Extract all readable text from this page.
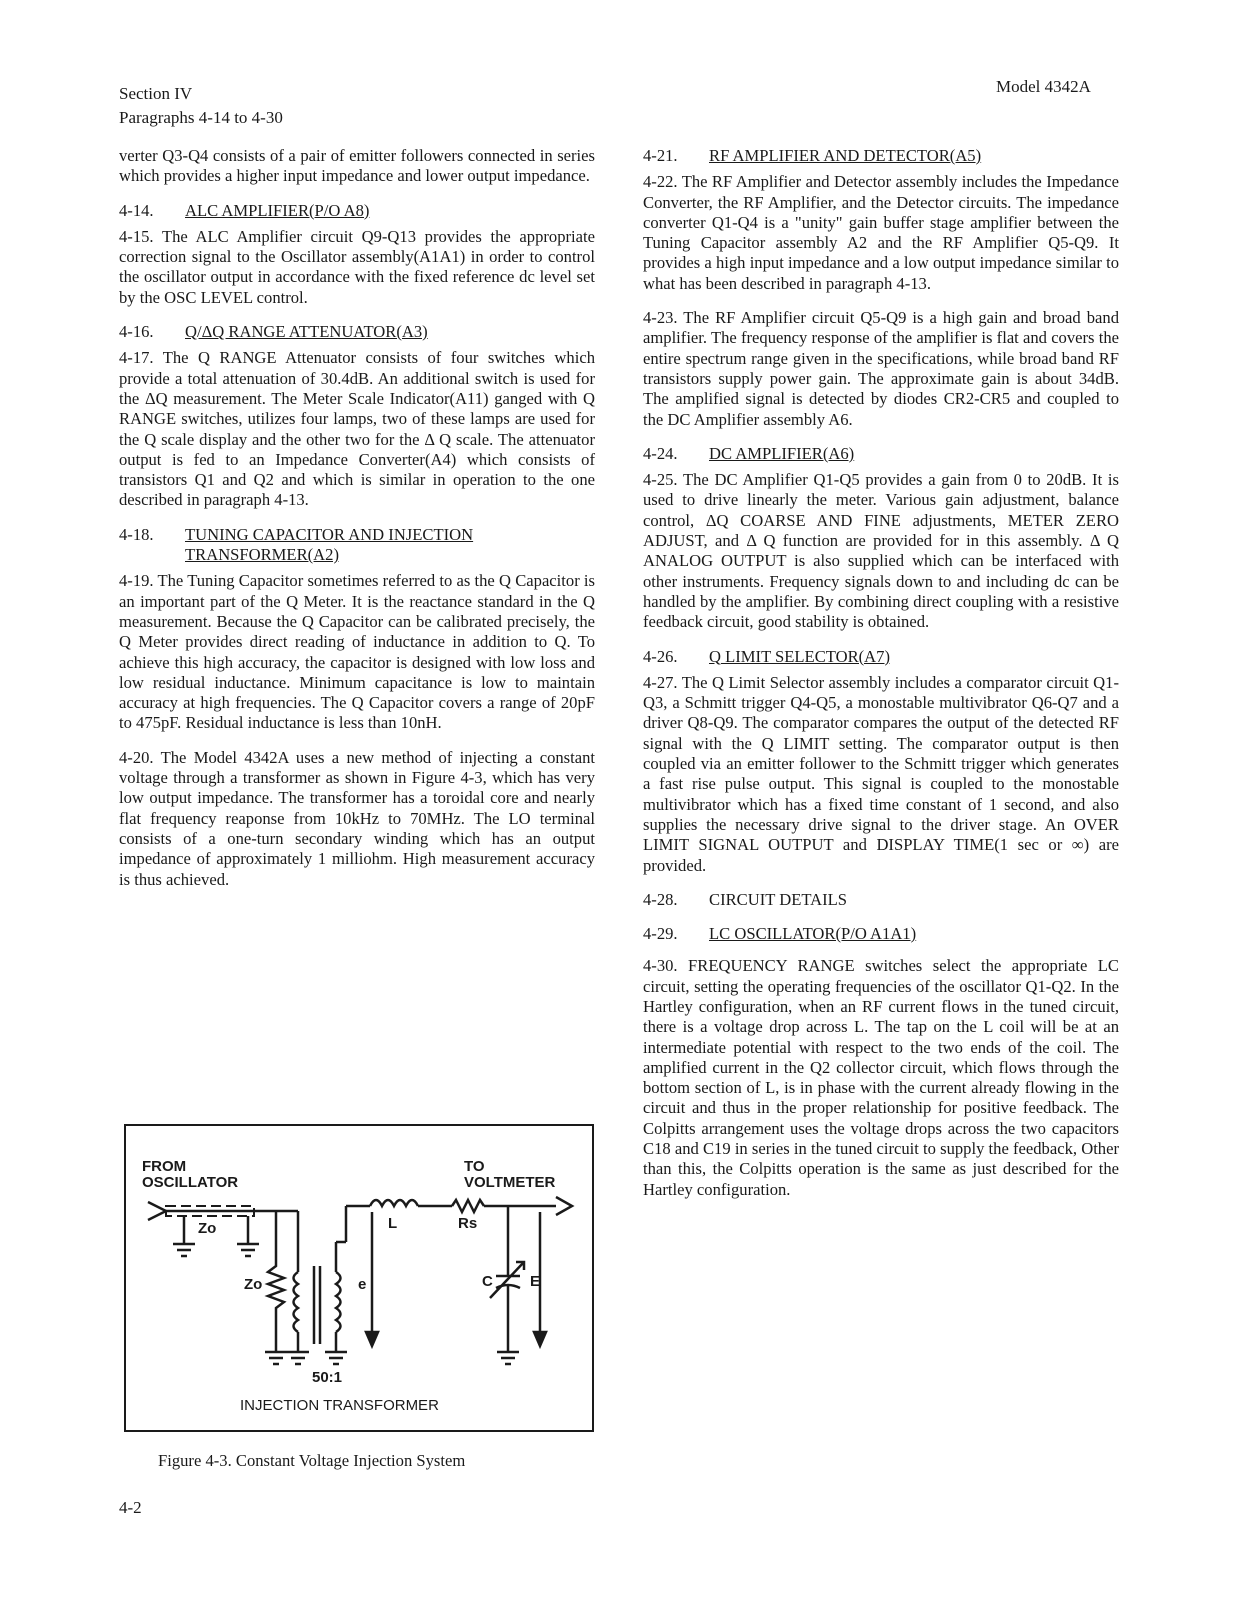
Section IV
Paragraphs 4-14 to 4-30
Model 4342A

verter Q3-Q4 consists of a pair of emitter followers connected in series which provides a higher input impedance and lower output impedance.

4-14.	ALC AMPLIFIER(P/O A8)

4-15. The ALC Amplifier circuit Q9-Q13 provides the appropriate correction signal to the Oscillator assembly(A1A1) in order to control the oscillator output in accordance with the fixed reference dc level set by the OSC LEVEL control.

4-16.	Q/ΔQ RANGE ATTENUATOR(A3)

4-17. The Q RANGE Attenuator consists of four switches which provide a total attenuation of 30.4dB. An additional switch is used for the ΔQ measurement. The Meter Scale Indicator(A11) ganged with Q RANGE switches, utilizes four lamps, two of these lamps are used for the Q scale display and the other two for the Δ Q scale. The attenuator output is fed to an Impedance Converter(A4) which consists of transistors Q1 and Q2 and which is similar in operation to the one described in paragraph 4-13.

4-18.	TUNING CAPACITOR AND INJECTION TRANSFORMER(A2)

4-19. The Tuning Capacitor sometimes referred to as the Q Capacitor is an important part of the Q Meter. It is the reactance standard in the Q measurement. Because the Q Capacitor can be calibrated precisely, the Q Meter provides direct reading of inductance in addition to Q. To achieve this high accuracy, the capacitor is designed with low loss and low residual inductance. Minimum capacitance is low to maintain accuracy at high frequencies. The Q Capacitor covers a range of 20pF to 475pF. Residual inductance is less than 10nH.

4-20. The Model 4342A uses a new method of injecting a constant voltage through a transformer as shown in Figure 4-3, which has very low output impedance. The transformer has a toroidal core and nearly flat frequency reaponse from 10kHz to 70MHz. The LO terminal consists of a one-turn secondary winding which has an output impedance of approximately 1 milliohm. High measurement accuracy is thus achieved.

FROM
OSCILLATOR
TO
VOLTMETER
Zo
Zo	e
L	Rs
C E
50:1
INJECTION TRANSFORMER
Figure 4-3. Constant Voltage Injection System
4-21.	RF AMPLIFIER AND DETECTOR(A5)

4-22. The RF Amplifier and Detector assembly includes the Impedance Converter, the RF Amplifier, and the Detector circuits. The impedance converter Q1-Q4 is a "unity" gain buffer stage amplifier between the Tuning Capacitor assembly A2 and the RF Amplifier Q5-Q9. It provides a high input impedance and a low output impedance similar to what has been described in paragraph 4-13.

4-23. The RF Amplifier circuit Q5-Q9 is a high gain and broad band amplifier. The frequency response of the amplifier is flat and covers the entire spectrum range given in the specifications, while broad band RF transistors supply power gain. The approximate gain is about 34dB. The amplified signal is detected by diodes CR2-CR5 and coupled to the DC Amplifier assembly A6.

4-24.	DC AMPLIFIER(A6)

4-25. The DC Amplifier Q1-Q5 provides a gain from 0 to 20dB. It is used to drive linearly the meter. Various gain adjustment, balance control, ΔQ COARSE AND FINE adjustments, METER ZERO ADJUST, and Δ Q function are provided for in this assembly. Δ Q ANALOG OUTPUT is also supplied which can be interfaced with other instruments. Frequency signals down to and including dc can be handled by the amplifier. By combining direct coupling with a resistive feedback circuit, good stability is obtained.

4-26.	Q LIMIT SELECTOR(A7)

4-27. The Q Limit Selector assembly includes a comparator circuit Q1-Q3, a Schmitt trigger Q4-Q5, a monostable multivibrator Q6-Q7 and a driver Q8-Q9. The comparator compares the output of the detected RF signal with the Q LIMIT setting. The comparator output is then coupled via an emitter follower to the Schmitt trigger which generates a fast rise pulse output. This signal is coupled to the monostable multivibrator which has a fixed time constant of 1 second, and also supplies the necessary drive signal to the driver stage. An OVER LIMIT SIGNAL OUTPUT and DISPLAY TIME(1 sec or ∞) are provided.

4-28.	CIRCUIT DETAILS
4-29.	LC OSCILLATOR(P/O A1A1)

4-30. FREQUENCY RANGE switches select the appropriate LC circuit, setting the operating frequencies of the oscillator Q1-Q2. In the Hartley configuration, when an RF current flows in the tuned circuit, there is a voltage drop across L. The tap on the L coil will be at an intermediate potential with respect to the two ends of the coil. The amplified current in the Q2 collector circuit, which flows through the bottom section of L, is in phase with the current already flowing in the circuit and thus in the proper relationship for positive feedback. The Colpitts arrangement uses the voltage drops across the two capacitors C18 and C19 in series in the tuned circuit to supply the feedback, Other than this, the Colpitts operation is the same as just described for the Hartley configuration.

4-2
